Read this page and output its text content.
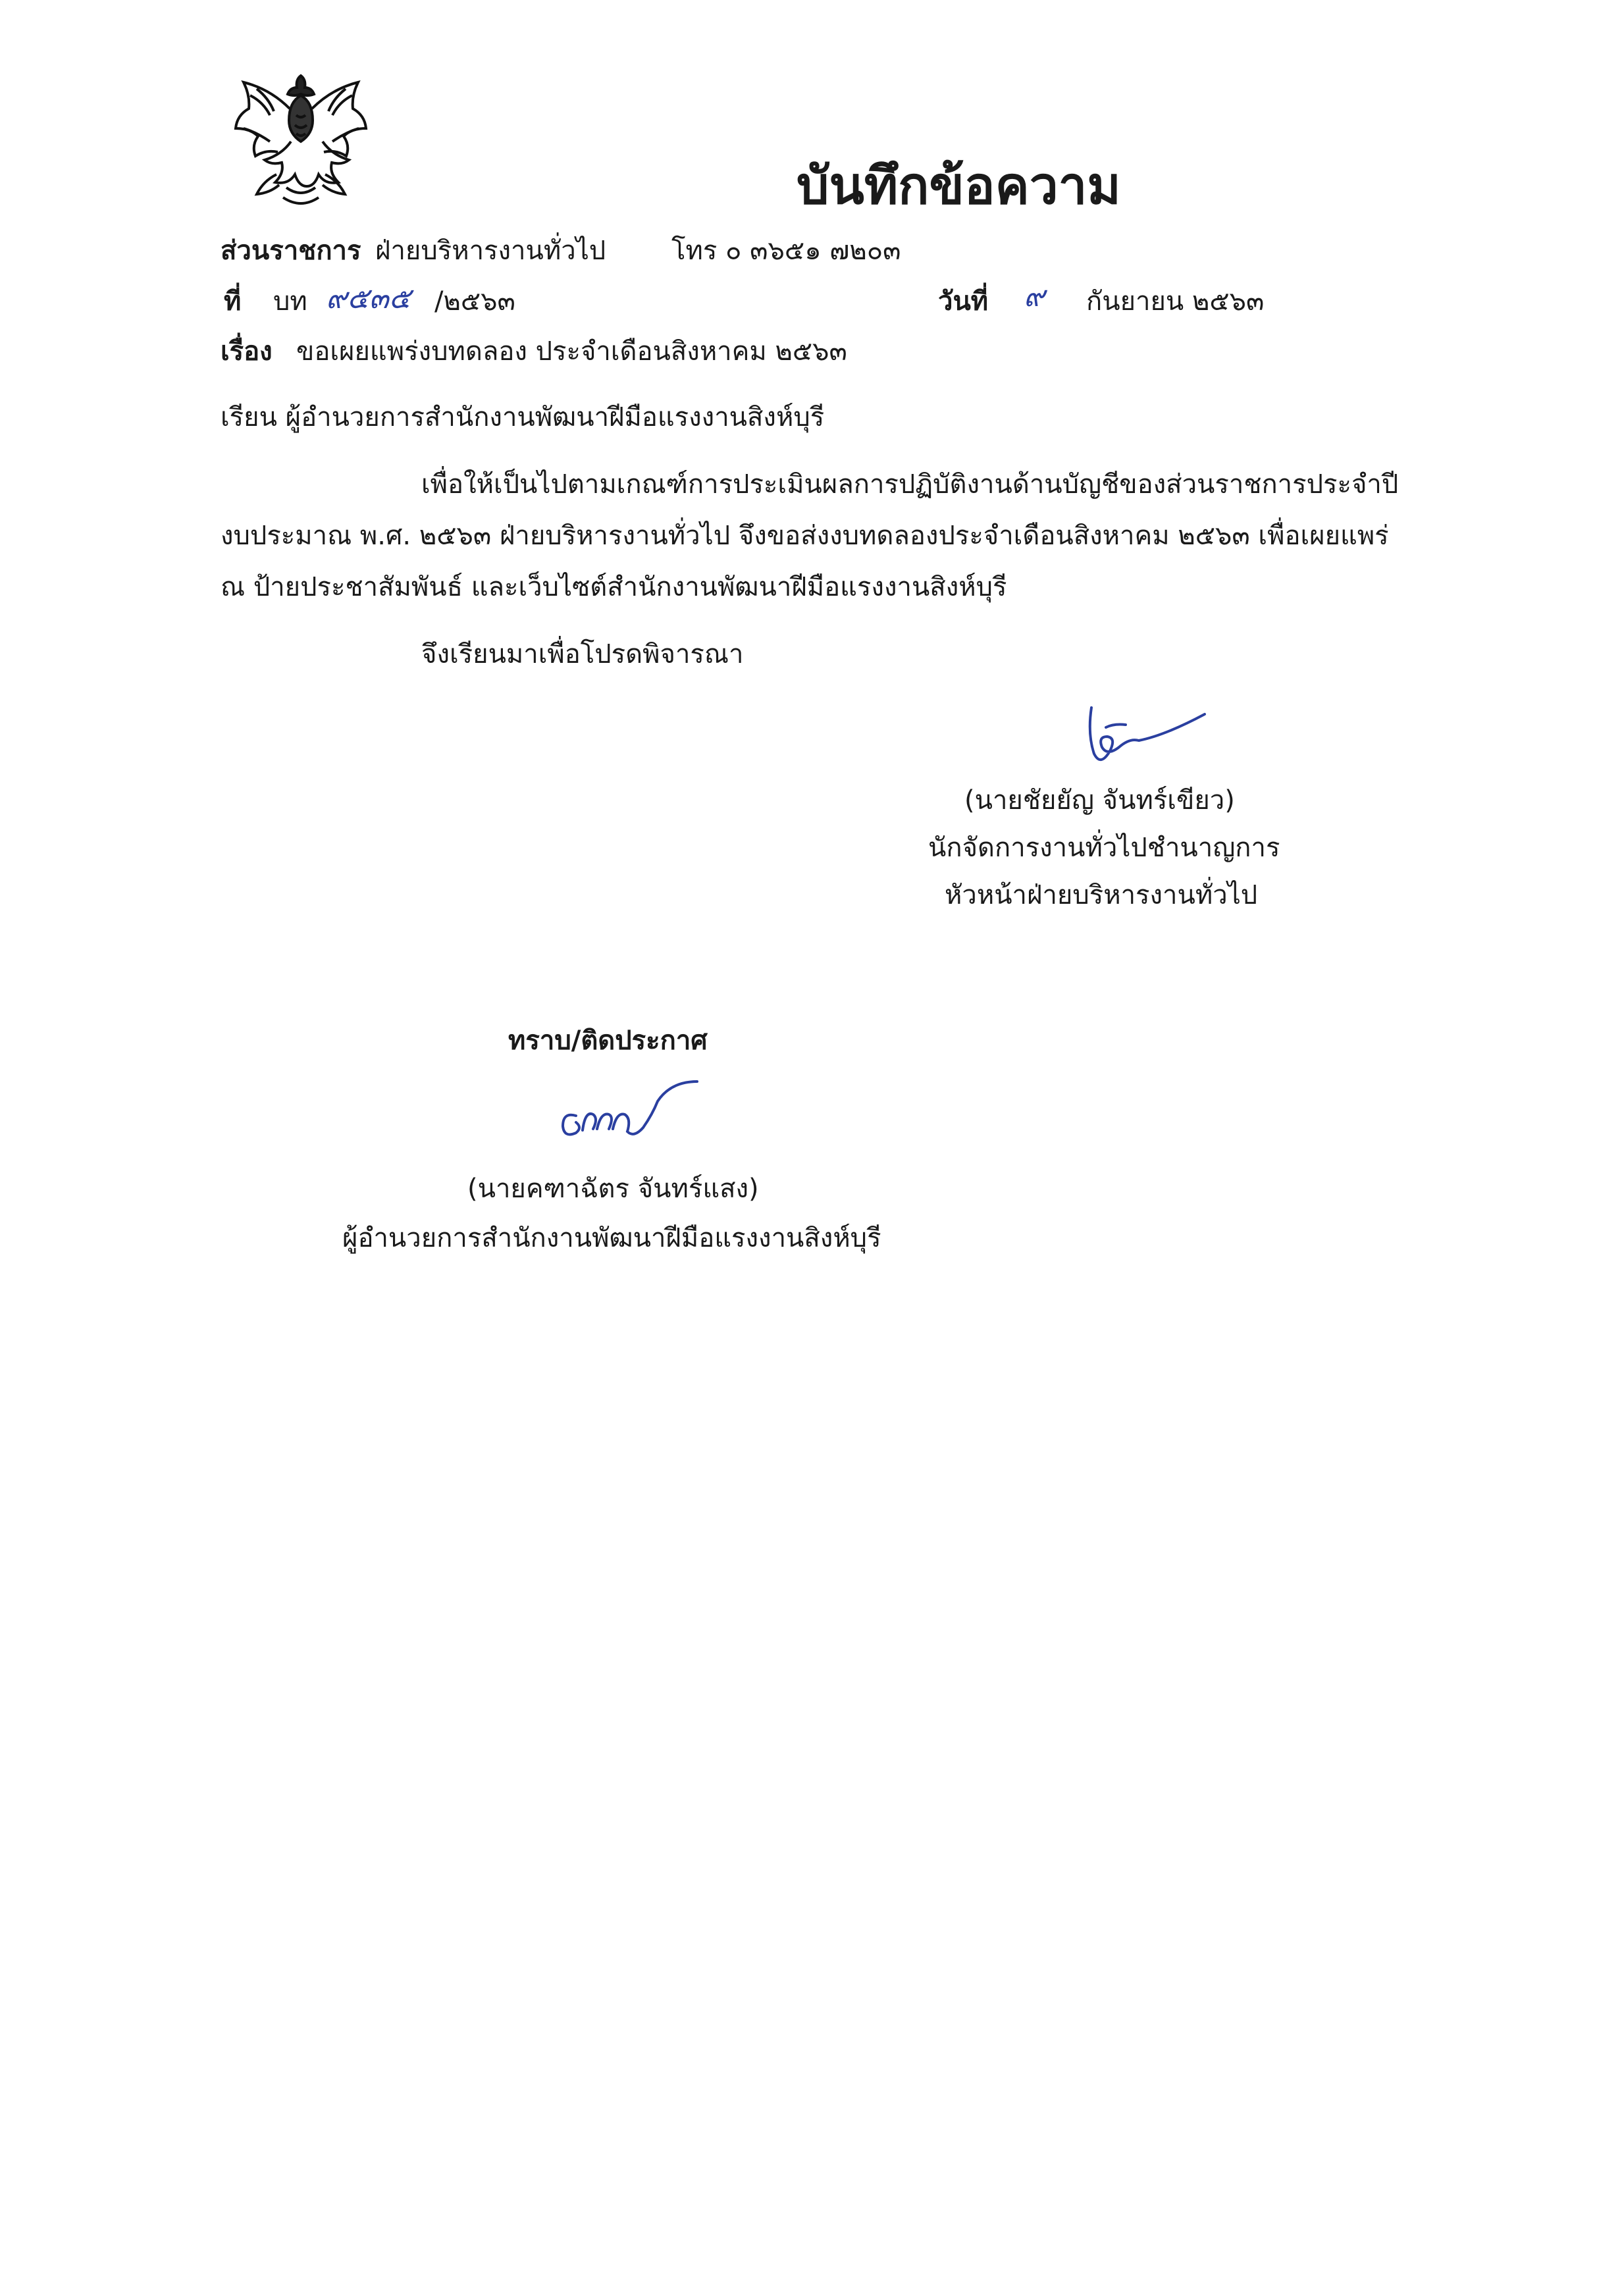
บันทึกข้อความ
ส่วนราชการ ฝ่ายบริหารงานทั่วไป โทร ๐ ๓๖๕๑ ๗๒๐๓
ที่ บท ๙๕๓๕ /๒๕๖๓	วันที่ ๙ กันยายน ๒๕๖๓
เรื่อง ขอเผยแพร่งบทดลอง ประจำเดือนสิงหาคม ๒๕๖๓
เรียน ผู้อำนวยการสำนักงานพัฒนาฝีมือแรงงานสิงห์บุรี
เพื่อให้เป็นไปตามเกณฑ์การประเมินผลการปฏิบัติงานด้านบัญชีของส่วนราชการประจำปี
งบประมาณ พ.ศ. ๒๕๖๓ ฝ่ายบริหารงานทั่วไป จึงขอส่งงบทดลองประจำเดือนสิงหาคม ๒๕๖๓ เพื่อเผยแพร่
ณ ป้ายประชาสัมพันธ์ และเว็บไซต์สำนักงานพัฒนาฝีมือแรงงานสิงห์บุรี
จึงเรียนมาเพื่อโปรดพิจารณา
(นายชัยยัญ จันทร์เขียว)
นักจัดการงานทั่วไปชำนาญการ
หัวหน้าฝ่ายบริหารงานทั่วไป
ทราบ/ติดประกาศ
(นายคฑาฉัตร จันทร์แสง)
ผู้อำนวยการสำนักงานพัฒนาฝีมือแรงงานสิงห์บุรี
